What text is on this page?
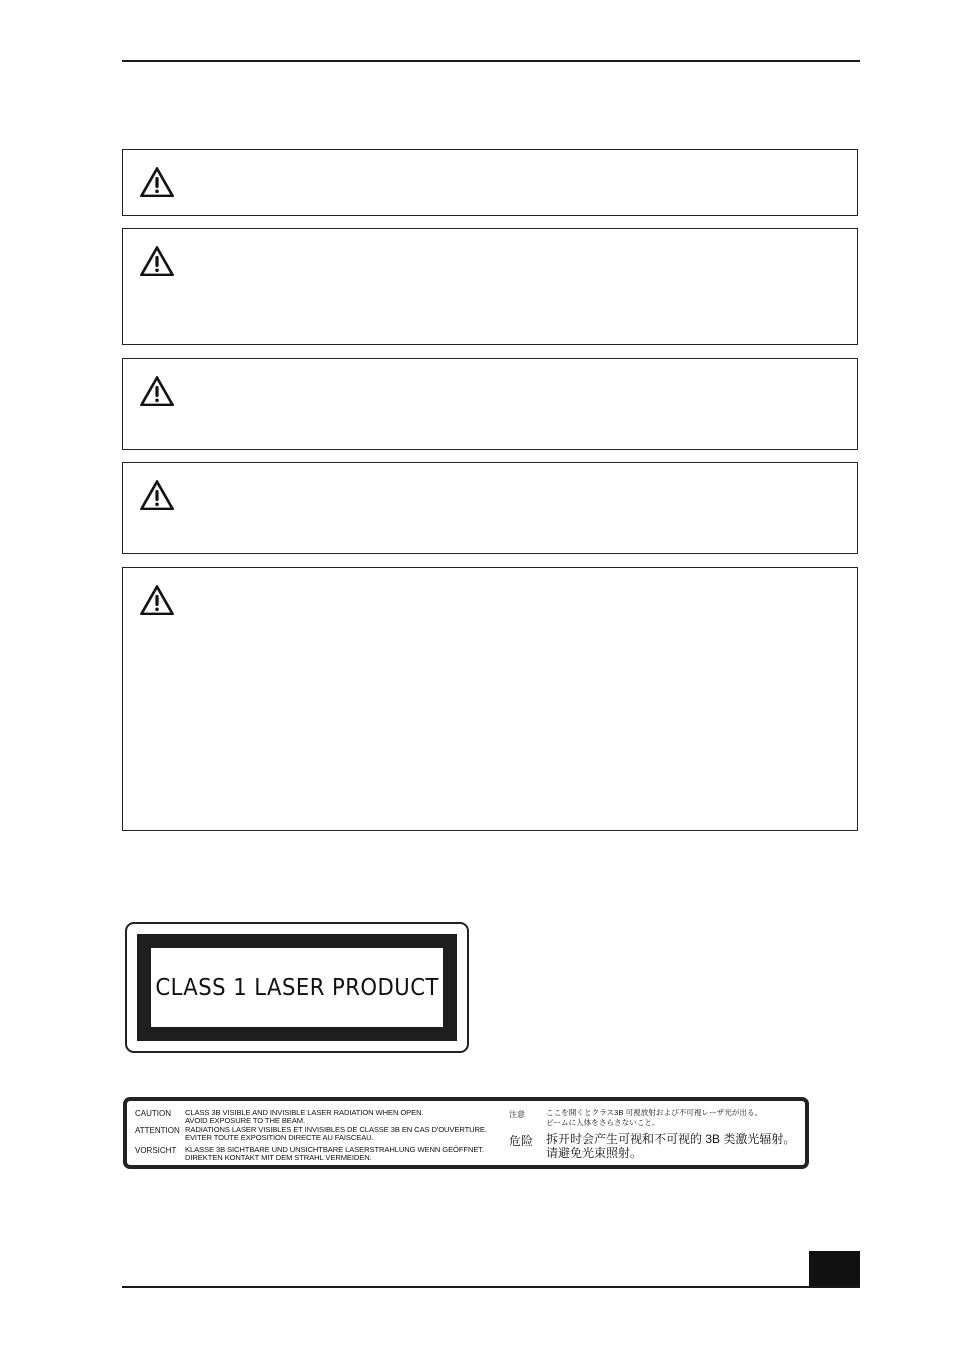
CLASS 1 LASER PRODUCT
CAUTION	CLASS 3B VISIBLE AND INVISIBLE LASER RADIATION WHEN OPEN.
AVOID EXPOSURE TO THE BEAM.
ATTENTION RADIATIONS LASER VISIBLES ET INVISIBLES DE CLASSE 3B EN CAS D'OUVERTURE.
EVITER TOUTE EXPOSITION DIRECTE AU FAISCEAU.
VORSICHT	KLASSE 3B SICHTBARE UND UNSICHTBARE LASERSTRAHLUNG WENN GEÖFFNET.
DIREKTEN KONTAKT MIT DEM STRAHL VERMEIDEN.
注意	ここを開くとクラス3B 可視放射および不可視レーザ光が出る。
ビームに人体をさらさないこと。
危险 拆开时会产生可视和不可视的 3B 类激光辐射。
请避免光束照射。
